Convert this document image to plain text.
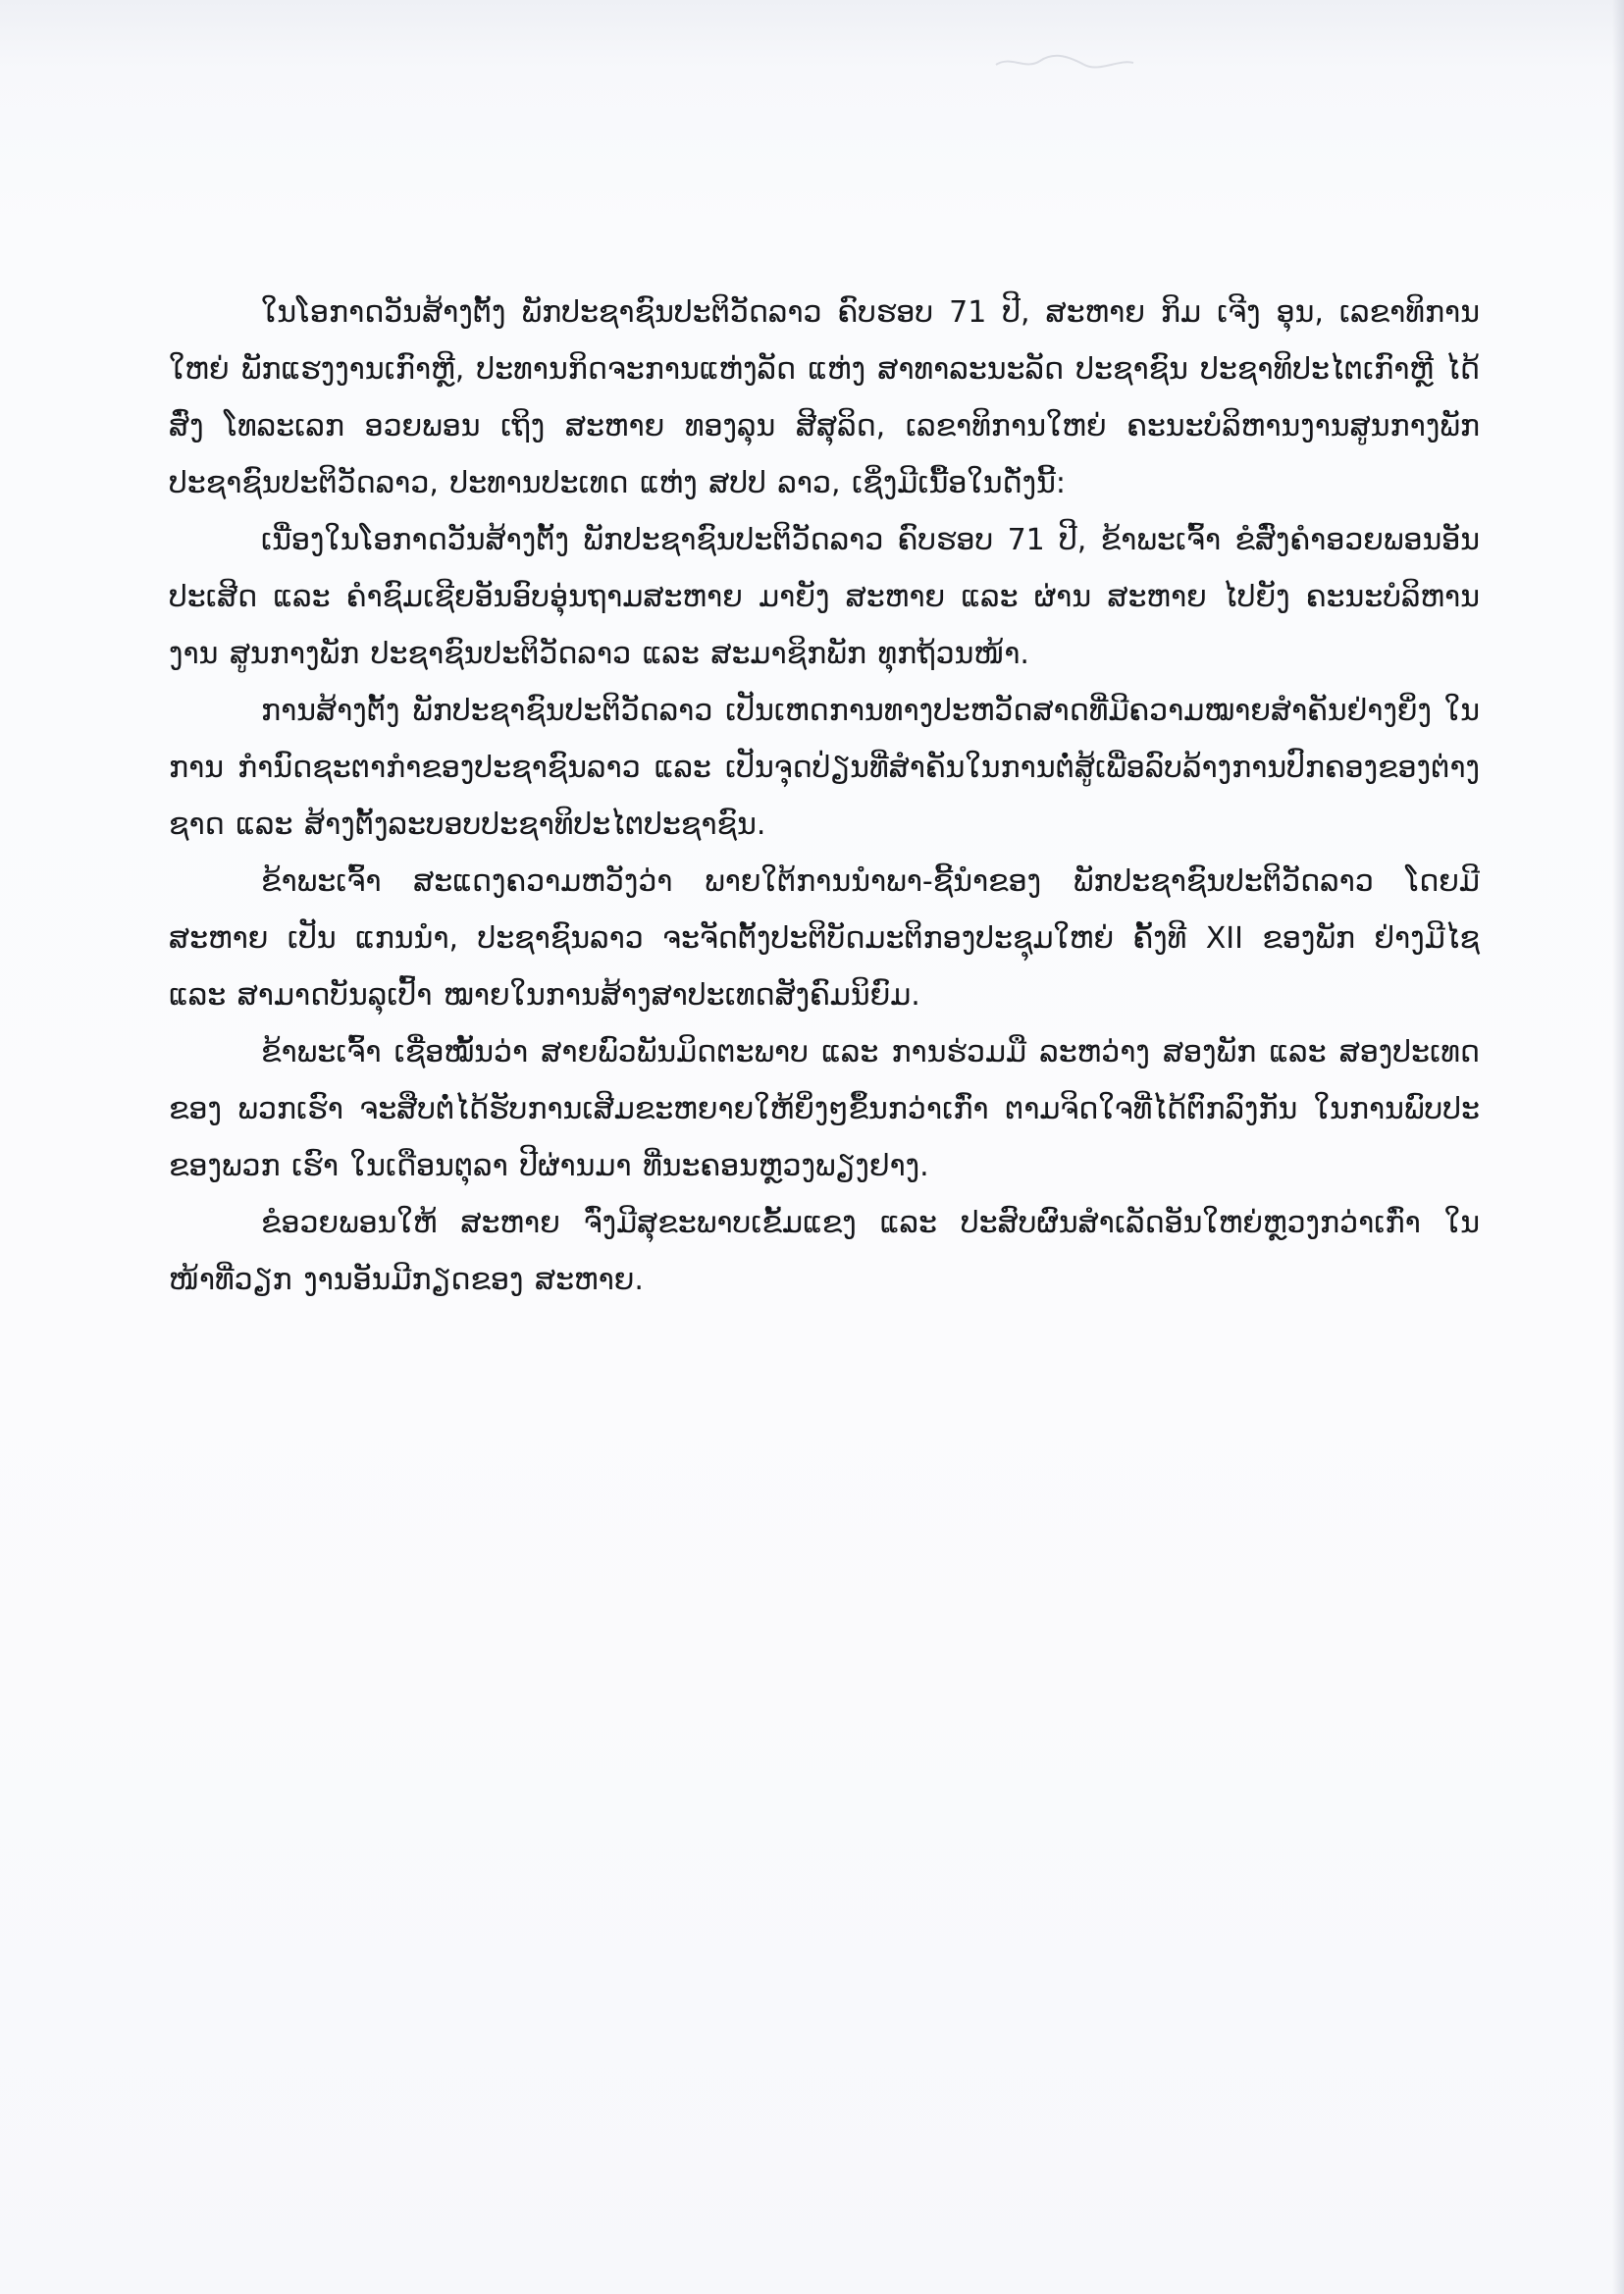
ໃນໂອກາດວັນສ້າງຕັ້ງ ພັກປະຊາຊົນປະຕິວັດລາວ ຄົບຮອບ 71 ປີ, ສະຫາຍ ກິມ ເຈີງ ອຸນ, ເລຂາທິການໃຫຍ່ ພັກແຮງງານເກົາຫຼີ, ປະທານກິດຈະການແຫ່ງລັດ ແຫ່ງ ສາທາລະນະລັດ ປະຊາຊົນ ປະຊາທິປະໄຕເກົາຫຼີ ໄດ້ສົ່ງ ໂທລະເລກ ອວຍພອນ ເຖິງ ສະຫາຍ ທອງລຸນ ສີສຸລິດ, ເລຂາທິການໃຫຍ່ ຄະນະບໍລິຫານງານສູນກາງພັກປະຊາຊົນປະຕິວັດລາວ, ປະທານປະເທດ ແຫ່ງ ສປປ ລາວ, ເຊິ່ງມີເນື້ອໃນດັ່ງນີ້:

ເນື່ອງໃນໂອກາດວັນສ້າງຕັ້ງ ພັກປະຊາຊົນປະຕິວັດລາວ ຄົບຮອບ 71 ປີ, ຂ້າພະເຈົ້າ ຂໍສົ່ງຄໍາອວຍພອນອັນປະເສີດ ແລະ ຄໍາຊົມເຊີຍອັນອົບອຸ່ນຖາມສະຫາຍ ມາຍັງ ສະຫາຍ ແລະ ຜ່ານ ສະຫາຍ ໄປຍັງ ຄະນະບໍລິຫານງານ ສູນກາງພັກ ປະຊາຊົນປະຕິວັດລາວ ແລະ ສະມາຊິກພັກ ທຸກຖ້ວນໜ້າ.

ການສ້າງຕັ້ງ ພັກປະຊາຊົນປະຕິວັດລາວ ເປັນເຫດການທາງປະຫວັດສາດທີ່ມີຄວາມໝາຍສໍາຄັນຢ່າງຍິ່ງ ໃນການ ກໍານົດຊະຕາກໍາຂອງປະຊາຊົນລາວ ແລະ ເປັນຈຸດປ່ຽນທີ່ສໍາຄັນໃນການຕໍ່ສູ້ເພື່ອລົບລ້າງການປົກຄອງຂອງຕ່າງຊາດ ແລະ ສ້າງຕັ້ງລະບອບປະຊາທິປະໄຕປະຊາຊົນ.

ຂ້າພະເຈົ້າ ສະແດງຄວາມຫວັງວ່າ ພາຍໃຕ້ການນໍາພາ-ຊີ້ນໍາຂອງ ພັກປະຊາຊົນປະຕິວັດລາວ ໂດຍມີ ສະຫາຍ ເປັນ ແກນນໍາ, ປະຊາຊົນລາວ ຈະຈັດຕັ້ງປະຕິບັດມະຕິກອງປະຊຸມໃຫຍ່ ຄັ້ງທີ XII ຂອງພັກ ຢ່າງມີໄຊ ແລະ ສາມາດບັນລຸເປົ້າ ໝາຍໃນການສ້າງສາປະເທດສັງຄົມນິຍົມ.

ຂ້າພະເຈົ້າ ເຊື່ອໝັ້ນວ່າ ສາຍພົວພັນມິດຕະພາບ ແລະ ການຮ່ວມມື ລະຫວ່າງ ສອງພັກ ແລະ ສອງປະເທດຂອງ ພວກເຮົາ ຈະສືບຕໍ່ໄດ້ຮັບການເສີມຂະຫຍາຍໃຫ້ຍິ່ງໆຂຶ້ນກວ່າເກົ່າ ຕາມຈິດໃຈທີ່ໄດ້ຕົກລົງກັນ ໃນການພົບປະຂອງພວກ ເຮົາ ໃນເດືອນຕຸລາ ປີຜ່ານມາ ທີ່ນະຄອນຫຼວງພຽງຢາງ.

ຂໍອວຍພອນໃຫ້ ສະຫາຍ ຈົ່ງມີສຸຂະພາບເຂັ້ມແຂງ ແລະ ປະສົບຜົນສໍາເລັດອັນໃຫຍ່ຫຼວງກວ່າເກົ່າ ໃນໜ້າທີ່ວຽກ ງານອັນມີກຽດຂອງ ສະຫາຍ.
